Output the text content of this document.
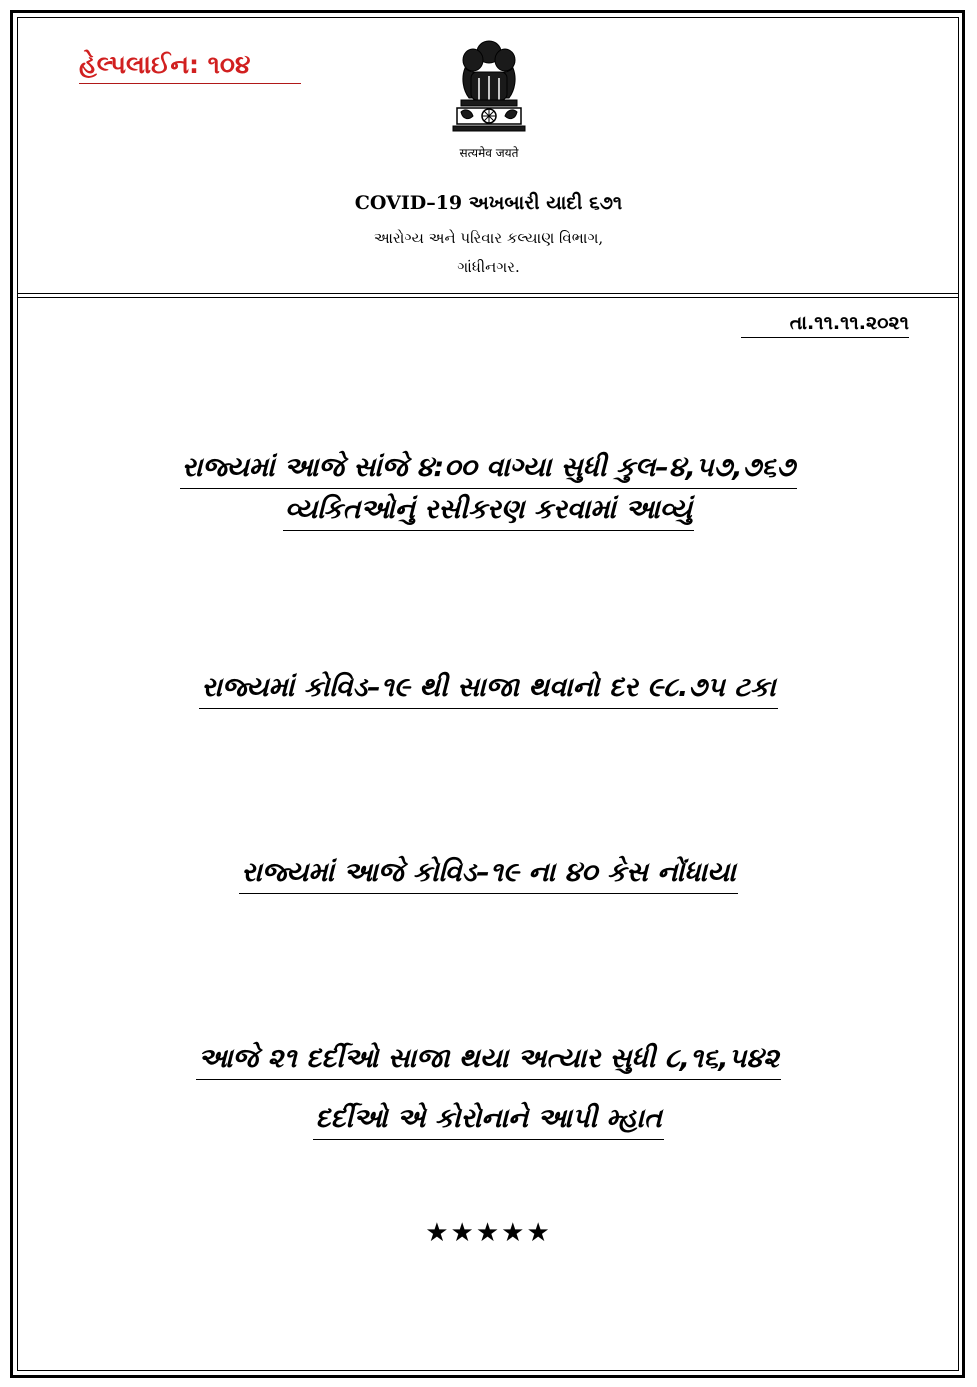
હેલ્પલાઈન: ૧૦૪
सत्यमेव जयते
COVID–19 અખબારી યાદી ૬૭૧
આરોગ્ય અને પરિવાર કલ્યાણ વિભાગ,
ગાંધીનગર.
તા.૧૧.૧૧.૨૦૨૧
રાજ્યમાં આજે સાંજે ૪:૦૦ વાગ્યા સુધી કુલ–૪,૫૭,૭૬૭
વ્યકિતઓનું રસીકરણ કરવામાં આવ્યું
રાજ્યમાં કોવિડ–૧૯ થી સાજા થવાનો દર ૯૮.૭૫ ટકા
રાજ્યમાં આજે કોવિડ–૧૯ ના ૪૦ કેસ નોંધાયા
આજે ૨૧ દર્દીઓ સાજા થયા અત્યાર સુધી ૮,૧૬,૫૪૨
દર્દીઓ એ કોરોનાને આપી મ્હાત
★★★★★
